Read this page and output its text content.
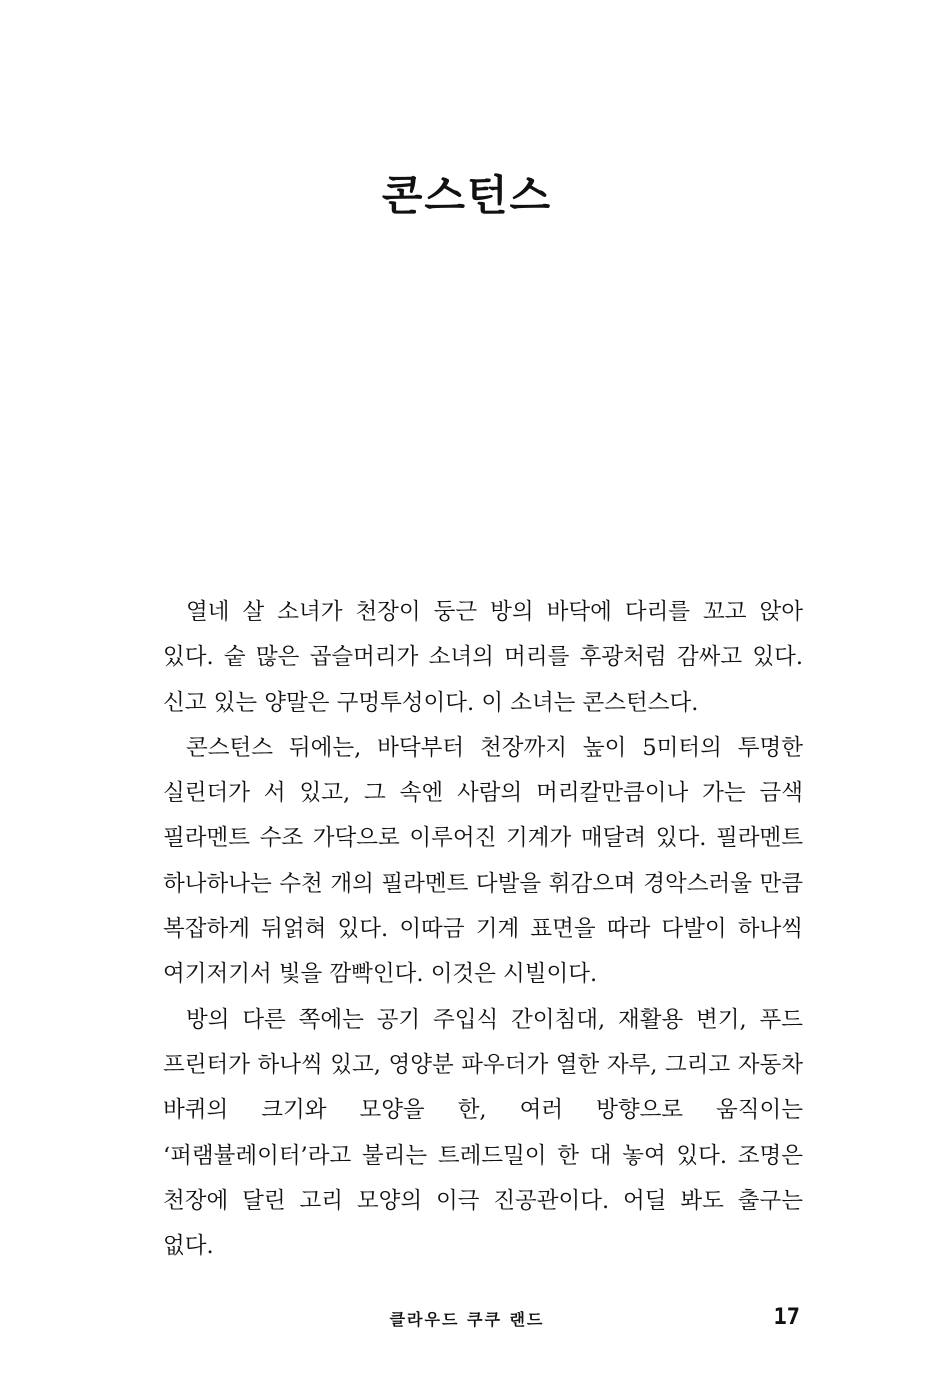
콘스턴스

열네 살 소녀가 천장이 둥근 방의 바닥에 다리를 꼬고 앉아 있다. 숱 많은 곱슬머리가 소녀의 머리를 후광처럼 감싸고 있다. 신고 있는 양말은 구멍투성이다. 이 소녀는 콘스턴스다.

콘스턴스 뒤에는, 바닥부터 천장까지 높이 5미터의 투명한 실린더가 서 있고, 그 속엔 사람의 머리칼만큼이나 가는 금색 필라멘트 수조 가닥으로 이루어진 기계가 매달려 있다. 필라멘트 하나하나는 수천 개의 필라멘트 다발을 휘감으며 경악스러울 만큼 복잡하게 뒤얽혀 있다. 이따금 기계 표면을 따라 다발이 하나씩 여기저기서 빛을 깜빡인다. 이것은 시빌이다.

방의 다른 쪽에는 공기 주입식 간이침대, 재활용 변기, 푸드 프린터가 하나씩 있고, 영양분 파우더가 열한 자루, 그리고 자동차 바퀴의 크기와 모양을 한, 여러 방향으로 움직이는 ‘퍼램뷸레이터’라고 불리는 트레드밀이 한 대 놓여 있다. 조명은 천장에 달린 고리 모양의 이극 진공관이다. 어딜 봐도 출구는 없다.

클라우드 쿠쿠 랜드	17
